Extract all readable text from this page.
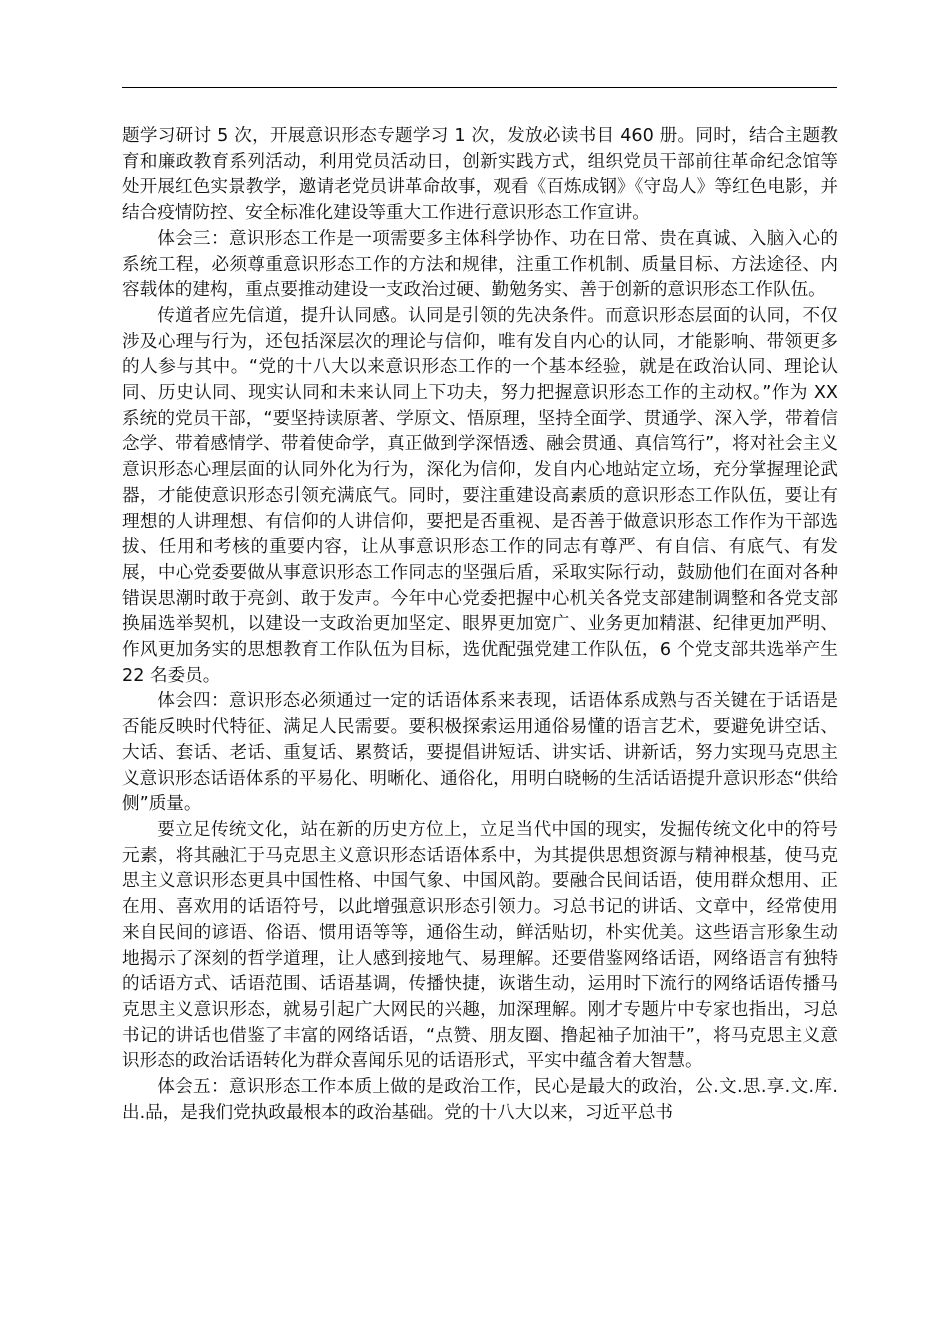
题学习研讨 5 次，开展意识形态专题学习 1 次，发放必读书目 460 册。同时，结合主题教育和廉政教育系列活动，利用党员活动日，创新实践方式，组织党员干部前往革命纪念馆等处开展红色实景教学，邀请老党员讲革命故事，观看《百炼成钢》《守岛人》等红色电影，并结合疫情防控、安全标准化建设等重大工作进行意识形态工作宣讲。

体会三：意识形态工作是一项需要多主体科学协作、功在日常、贵在真诚、入脑入心的系统工程，必须尊重意识形态工作的方法和规律，注重工作机制、质量目标、方法途径、内容载体的建构，重点要推动建设一支政治过硬、勤勉务实、善于创新的意识形态工作队伍。

传道者应先信道，提升认同感。认同是引领的先决条件。而意识形态层面的认同，不仅涉及心理与行为，还包括深层次的理论与信仰，唯有发自内心的认同，才能影响、带领更多的人参与其中。“党的十八大以来意识形态工作的一个基本经验，就是在政治认同、理论认同、历史认同、现实认同和未来认同上下功夫，努力把握意识形态工作的主动权。”作为 XX 系统的党员干部，“要坚持读原著、学原文、悟原理，坚持全面学、贯通学、深入学，带着信念学、带着感情学、带着使命学，真正做到学深悟透、融会贯通、真信笃行”，将对社会主义意识形态心理层面的认同外化为行为，深化为信仰，发自内心地站定立场，充分掌握理论武器，才能使意识形态引领充满底气。同时，要注重建设高素质的意识形态工作队伍，要让有理想的人讲理想、有信仰的人讲信仰，要把是否重视、是否善于做意识形态工作作为干部选拔、任用和考核的重要内容，让从事意识形态工作的同志有尊严、有自信、有底气、有发展，中心党委要做从事意识形态工作同志的坚强后盾，采取实际行动，鼓励他们在面对各种错误思潮时敢于亮剑、敢于发声。今年中心党委把握中心机关各党支部建制调整和各党支部换届选举契机，以建设一支政治更加坚定、眼界更加宽广、业务更加精湛、纪律更加严明、作风更加务实的思想教育工作队伍为目标，选优配强党建工作队伍，6 个党支部共选举产生 22 名委员。

体会四：意识形态必须通过一定的话语体系来表现，话语体系成熟与否关键在于话语是否能反映时代特征、满足人民需要。要积极探索运用通俗易懂的语言艺术，要避免讲空话、大话、套话、老话、重复话、累赘话，要提倡讲短话、讲实话、讲新话，努力实现马克思主义意识形态话语体系的平易化、明晰化、通俗化，用明白晓畅的生活话语提升意识形态“供给侧”质量。

要立足传统文化，站在新的历史方位上，立足当代中国的现实，发掘传统文化中的符号元素，将其融汇于马克思主义意识形态话语体系中，为其提供思想资源与精神根基，使马克思主义意识形态更具中国性格、中国气象、中国风韵。要融合民间话语，使用群众想用、正在用、喜欢用的话语符号，以此增强意识形态引领力。习总书记的讲话、文章中，经常使用来自民间的谚语、俗语、惯用语等等，通俗生动，鲜活贴切，朴实优美。这些语言形象生动地揭示了深刻的哲学道理，让人感到接地气、易理解。还要借鉴网络话语，网络语言有独特的话语方式、话语范围、话语基调，传播快捷，诙谐生动，运用时下流行的网络话语传播马克思主义意识形态，就易引起广大网民的兴趣，加深理解。刚才专题片中专家也指出，习总书记的讲话也借鉴了丰富的网络话语，“点赞、朋友圈、撸起袖子加油干”，将马克思主义意识形态的政治话语转化为群众喜闻乐见的话语形式，平实中蕴含着大智慧。

体会五：意识形态工作本质上做的是政治工作，民心是最大的政治，公.文.思.享.文.库.出.品，是我们党执政最根本的政治基础。党的十八大以来，习近平总书
